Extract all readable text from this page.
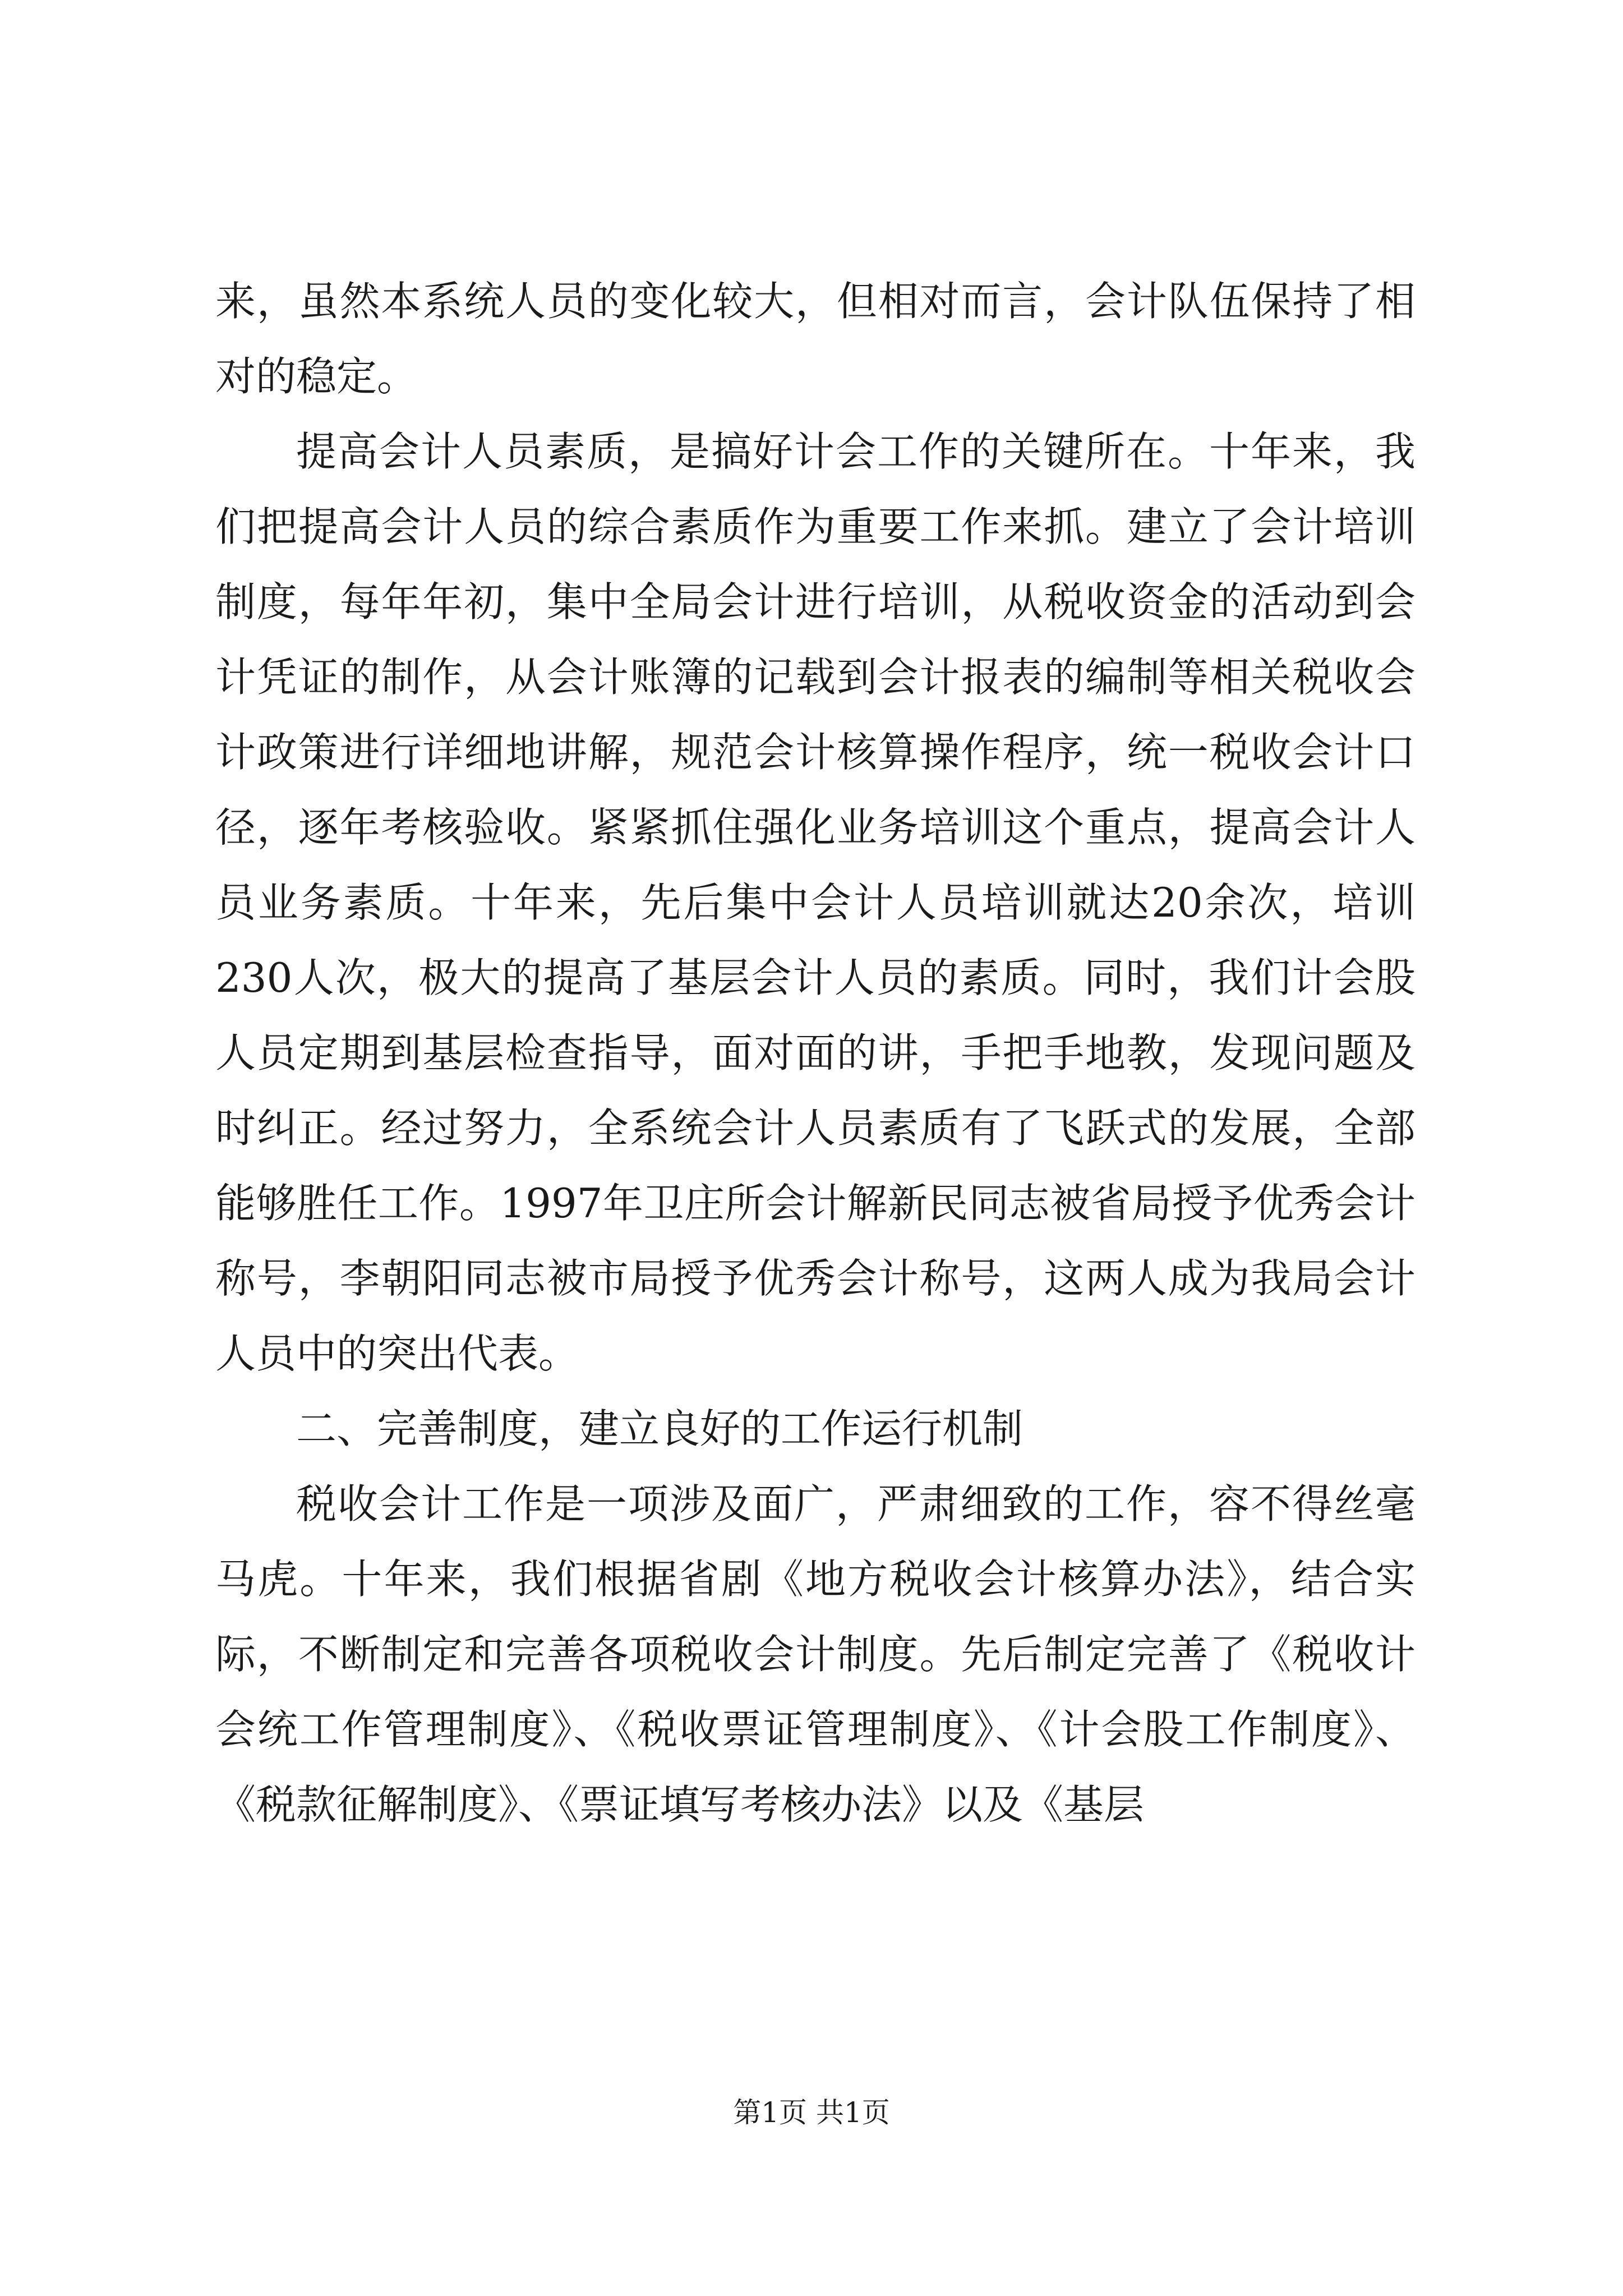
来，虽然本系统人员的变化较大，但相对而言，会计队伍保持了相对的稳定。

提高会计人员素质，是搞好计会工作的关键所在。十年来，我们把提高会计人员的综合素质作为重要工作来抓。建立了会计培训制度，每年年初，集中全局会计进行培训，从税收资金的活动到会计凭证的制作，从会计账簿的记载到会计报表的编制等相关税收会计政策进行详细地讲解，规范会计核算操作程序，统一税收会计口径，逐年考核验收。紧紧抓住强化业务培训这个重点，提高会计人员业务素质。十年来，先后集中会计人员培训就达20余次，培训230人次，极大的提高了基层会计人员的素质。同时，我们计会股人员定期到基层检查指导，面对面的讲，手把手地教，发现问题及时纠正。经过努力，全系统会计人员素质有了飞跃式的发展，全部能够胜任工作。1997年卫庄所会计解新民同志被省局授予优秀会计称号，李朝阳同志被市局授予优秀会计称号，这两人成为我局会计人员中的突出代表。

二、完善制度，建立良好的工作运行机制

税收会计工作是一项涉及面广，严肃细致的工作，容不得丝毫马虎。十年来，我们根据省剧《地方税收会计核算办法》，结合实际，不断制定和完善各项税收会计制度。先后制定完善了《税收计会统工作管理制度》、《税收票证管理制度》、《计会股工作制度》、《税款征解制度》、《票证填写考核办法》以及《基层

第1页 共1页
